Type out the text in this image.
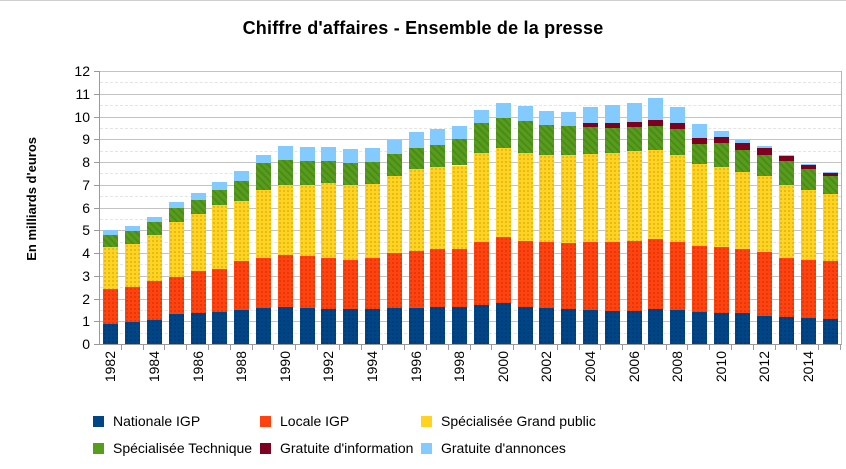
Chiffre d'affaires - Ensemble de la presse
En milliards d'euros
0
1
2
3
4
5
6
7
8
9
10
11
12
1982 1984 1986 1988 1990 1992 1994 1996 1998 2000 2002 2004 2006 2008 2010 2012 2014
Nationale IGP	Locale IGP	Spécialisée Grand public
Spécialisée Technique Gratuite d'information Gratuite d'annonces
